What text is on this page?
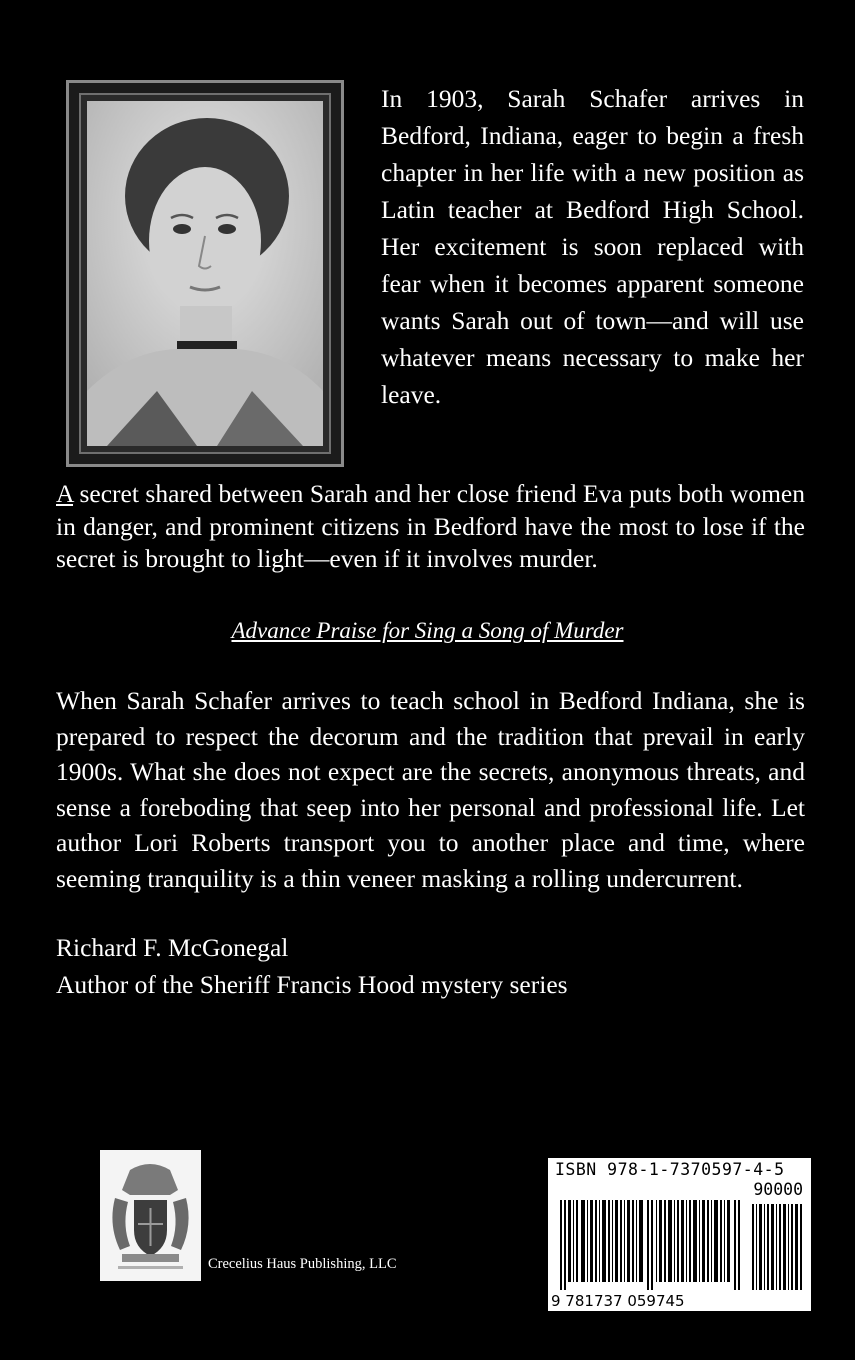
In 1903, Sarah Schafer arrives in Bedford, Indiana, eager to begin a fresh chapter in her life with a new position as Latin teacher at Bedford High School. Her excitement is soon replaced with fear when it becomes apparent someone wants Sarah out of town—and will use whatever means necessary to make her leave.

A secret shared between Sarah and her close friend Eva puts both women in danger, and prominent citizens in Bedford have the most to lose if the secret is brought to light—even if it involves murder.

Advance Praise for Sing a Song of Murder

When Sarah Schafer arrives to teach school in Bedford Indiana, she is prepared to respect the decorum and the tradition that prevail in early 1900s. What she does not expect are the secrets, anonymous threats, and sense a foreboding that seep into her personal and professional life. Let author Lori Roberts transport you to another place and time, where seeming tranquility is a thin veneer masking a rolling undercurrent.

Richard F. McGonegal
Author of the Sheriff Francis Hood mystery series
Crecelius Haus Publishing, LLC
ISBN 978-1-7370597-4-5
90000
9 781737 059745
